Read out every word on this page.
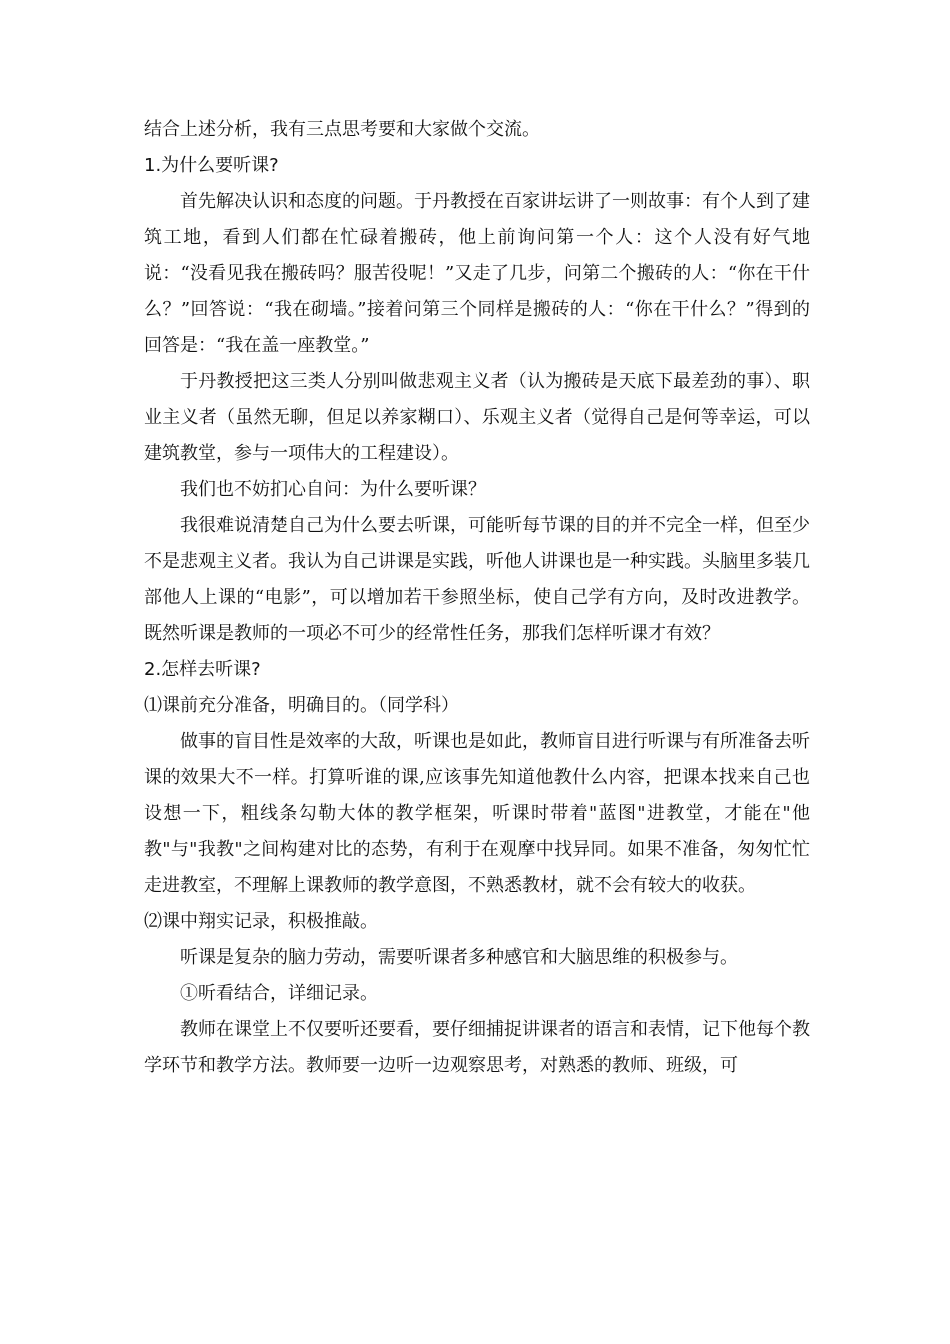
结合上述分析，我有三点思考要和大家做个交流。

1.为什么要听课?

首先解决认识和态度的问题。于丹教授在百家讲坛讲了一则故事：有个人到了建筑工地，看到人们都在忙碌着搬砖，他上前询问第一个人：这个人没有好气地说：“没看见我在搬砖吗？服苦役呢！”又走了几步，问第二个搬砖的人：“你在干什么？”回答说：“我在砌墙。”接着问第三个同样是搬砖的人：“你在干什么？”得到的回答是：“我在盖一座教堂。”

于丹教授把这三类人分别叫做悲观主义者（认为搬砖是天底下最差劲的事）、职业主义者（虽然无聊，但足以养家糊口）、乐观主义者（觉得自己是何等幸运，可以建筑教堂，参与一项伟大的工程建设）。

我们也不妨扪心自问：为什么要听课？

我很难说清楚自己为什么要去听课，可能听每节课的目的并不完全一样，但至少不是悲观主义者。我认为自己讲课是实践，听他人讲课也是一种实践。头脑里多装几部他人上课的“电影”，可以增加若干参照坐标，使自己学有方向，及时改进教学。既然听课是教师的一项必不可少的经常性任务，那我们怎样听课才有效？

2.怎样去听课?

⑴课前充分准备，明确目的。（同学科）

做事的盲目性是效率的大敌，听课也是如此，教师盲目进行听课与有所准备去听课的效果大不一样。打算听谁的课,应该事先知道他教什么内容，把课本找来自己也设想一下，粗线条勾勒大体的教学框架，听课时带着"蓝图"进教堂，才能在"他教"与"我教"之间构建对比的态势，有利于在观摩中找异同。如果不准备，匆匆忙忙走进教室，不理解上课教师的教学意图，不熟悉教材，就不会有较大的收获。

⑵课中翔实记录，积极推敲。

听课是复杂的脑力劳动，需要听课者多种感官和大脑思维的积极参与。

①听看结合，详细记录。

教师在课堂上不仅要听还要看，要仔细捕捉讲课者的语言和表情，记下他每个教学环节和教学方法。教师要一边听一边观察思考，对熟悉的教师、班级，可
